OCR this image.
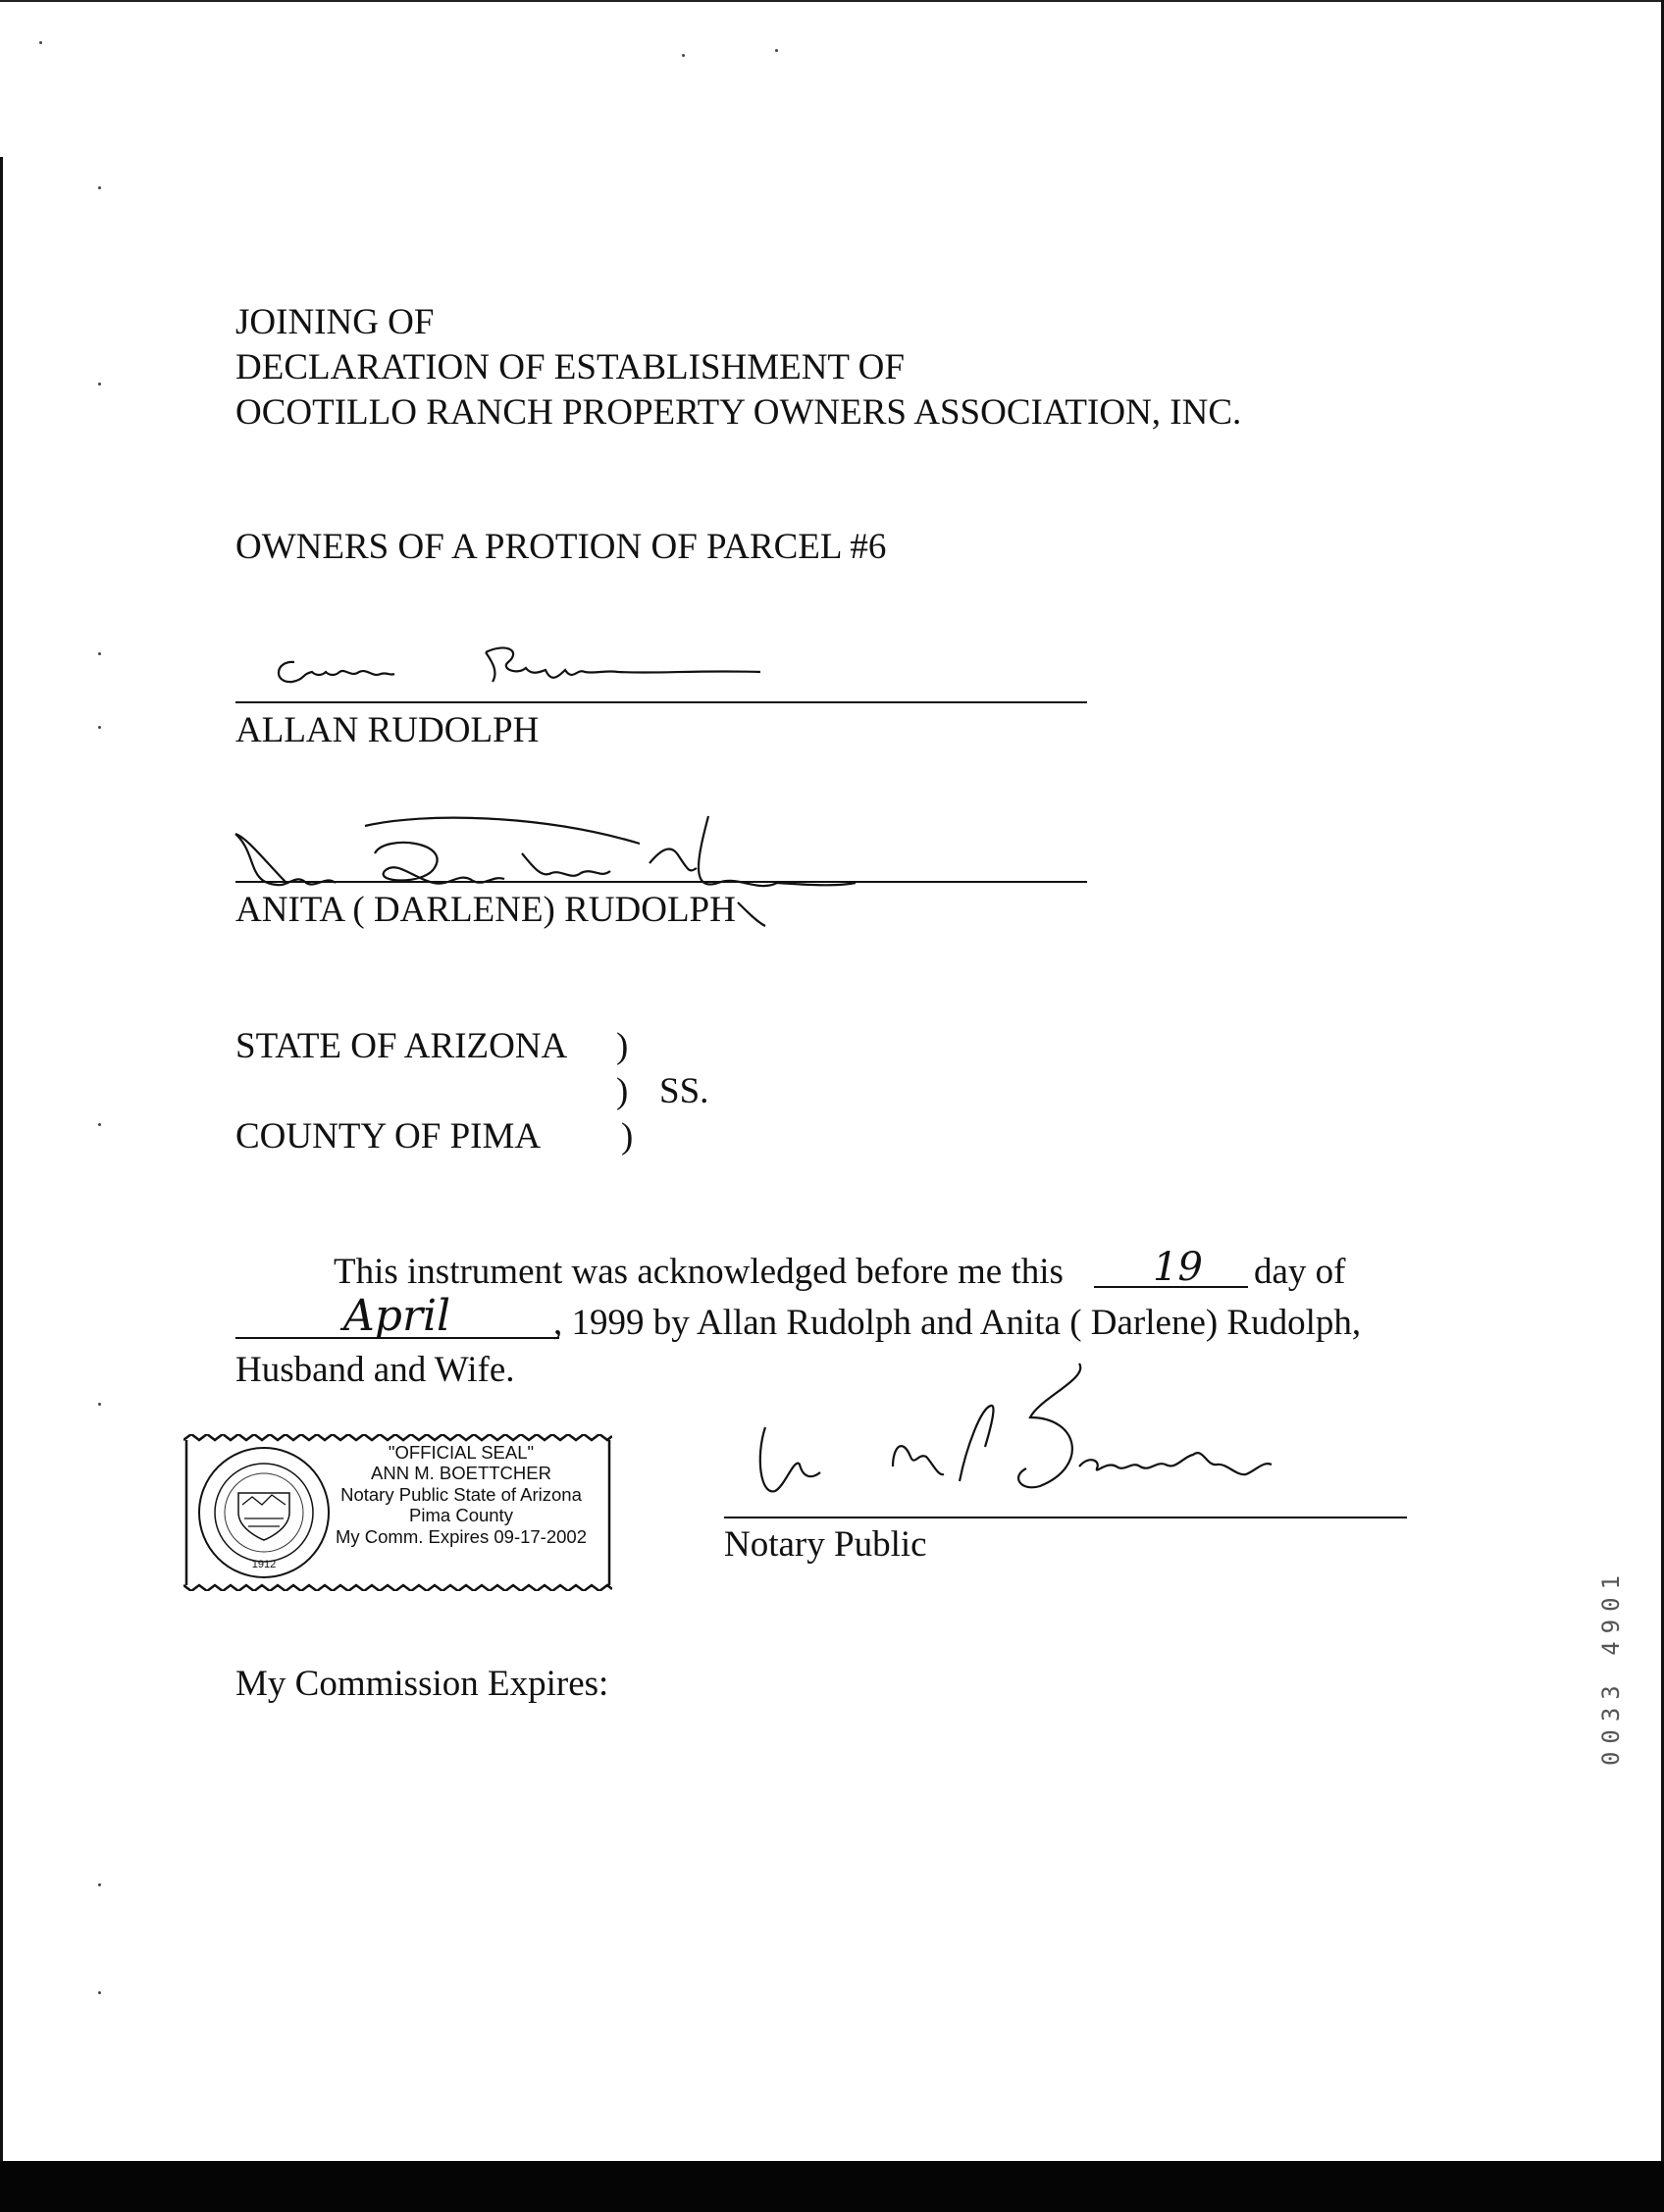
JOINING OF
DECLARATION OF ESTABLISHMENT OF
OCOTILLO RANCH PROPERTY OWNERS ASSOCIATION, INC.
OWNERS OF A PROTION OF PARCEL #6
ALLAN RUDOLPH
ANITA ( DARLENE) RUDOLPH
STATE OF ARIZONA )
) SS.
COUNTY OF PIMA )
This instrument was acknowledged before me this 19 day of
April	, 1999 by Allan Rudolph and Anita ( Darlene) Rudolph,
Husband and Wife.
1912
"OFFICIAL SEAL"
ANN M. BOETTCHER
Notary Public State of Arizona
Pima County
My Comm. Expires 09-17-2002	Notary Public
My Commission Expires:	0033 4901
